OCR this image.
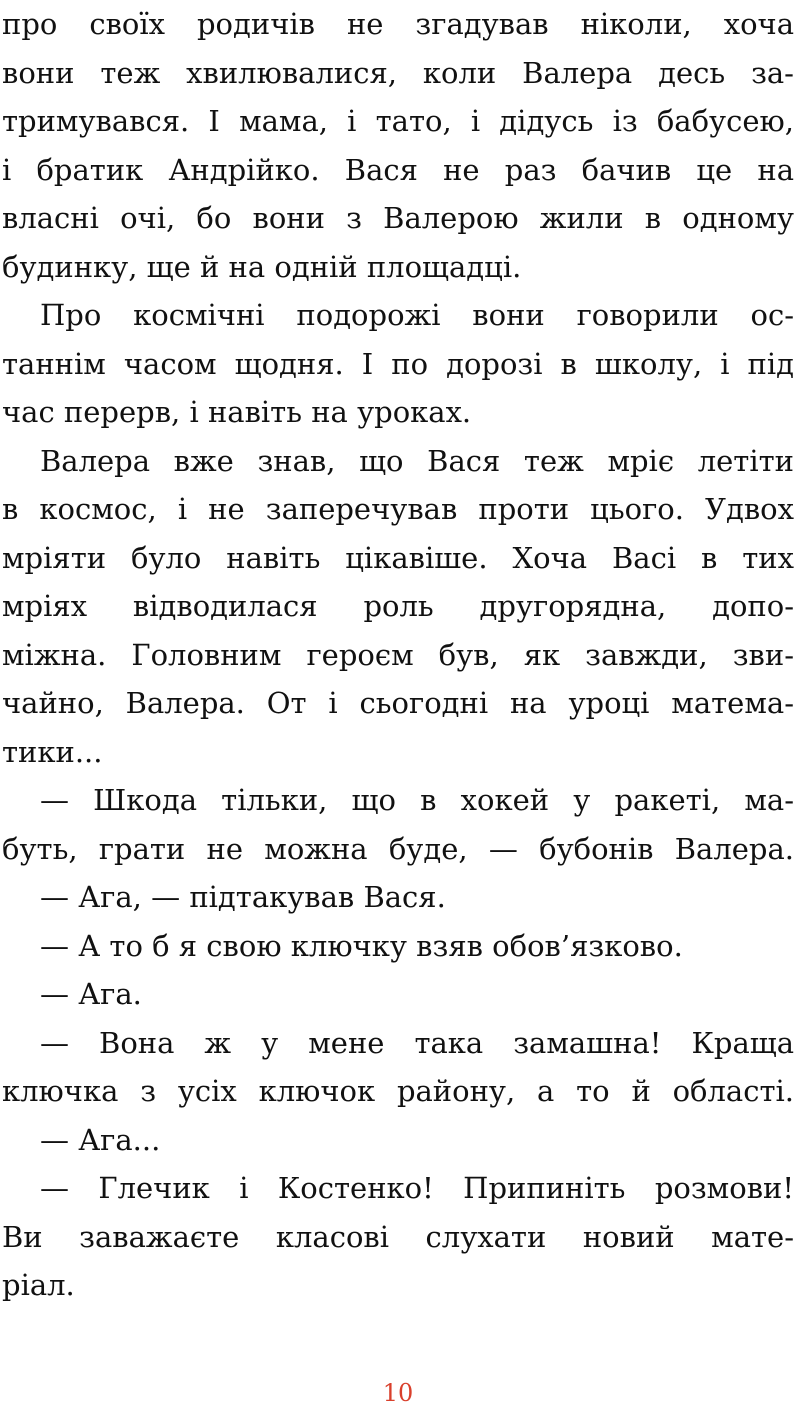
про своїх родичів не згадував ніколи, хоча
вони теж хвилювалися, коли Валера десь за-
тримувався. І мама, і тато, і дідусь із бабусею,
і братик Андрійко. Вася не раз бачив це на
власні очі, бо вони з Валерою жили в одному
будинку, ще й на одній площадці.
Про космічні подорожі вони говорили ос-
таннім часом щодня. І по дорозі в школу, і під
час перерв, і навіть на уроках.
Валера вже знав, що Вася теж мріє летіти
в космос, і не заперечував проти цього. Удвох
мріяти було навіть цікавіше. Хоча Васі в тих
мріях відводилася роль другорядна, допо-
міжна. Головним героєм був, як завжди, зви-
чайно, Валера. От і сьогодні на уроці матема-
тики...
— Шкода тільки, що в хокей у ракеті, ма-
буть, грати не можна буде, — бубонів Валера.
— Ага, — підтакував Вася.
— А то б я свою ключку взяв обов’язково.
— Ага.
— Вона ж у мене така замашна! Краща
ключка з усіх ключок району, а то й області.
— Ага...
— Глечик і Костенко! Припиніть розмови!
Ви заважаєте класові слухати новий мате-
ріал.
10
